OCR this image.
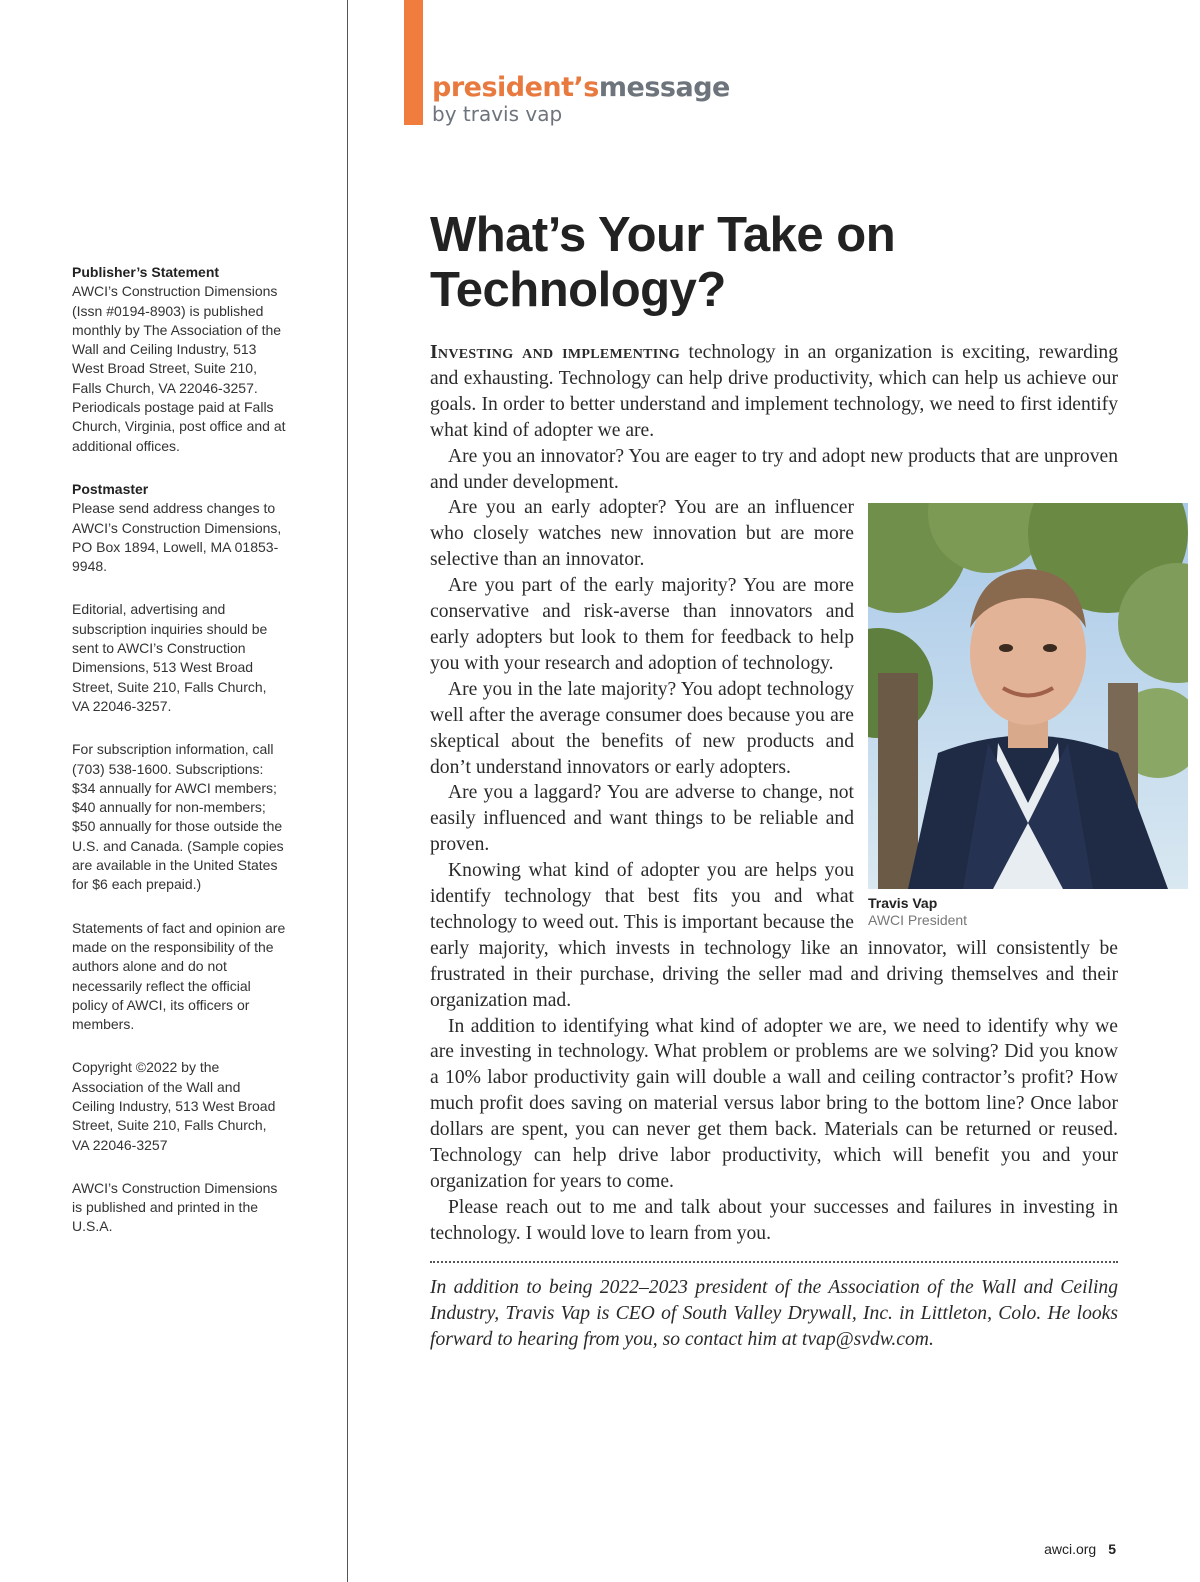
Publisher’s Statement

AWCI’s Construction Dimensions (Issn #0194-8903) is published monthly by The Association of the Wall and Ceiling Industry, 513 West Broad Street, Suite 210, Falls Church, VA 22046-3257. Periodicals postage paid at Falls Church, Virginia, post office and at additional offices.

Postmaster

Please send address changes to AWCI’s Construction Dimensions, PO Box 1894, Lowell, MA 01853-9948.

Editorial, advertising and subscription inquiries should be sent to AWCI’s Construction Dimensions, 513 West Broad Street, Suite 210, Falls Church, VA 22046-3257.

For subscription information, call (703) 538-1600. Subscriptions: $34 annually for AWCI members; $40 annually for non-members; $50 annually for those outside the U.S. and Canada. (Sample copies are available in the United States for $6 each prepaid.)

Statements of fact and opinion are made on the responsibility of the authors alone and do not necessarily reflect the official policy of AWCI, its officers or members.

Copyright ©2022 by the Association of the Wall and Ceiling Industry, 513 West Broad Street, Suite 210, Falls Church, VA 22046-3257

AWCI’s Construction Dimensions is published and printed in the U.S.A.

president’smessage
by travis vap
What’s Your Take on Technology?

Investing and implementing technology in an organization is exciting, rewarding and exhausting. Technology can help drive productivity, which can help us achieve our goals. In order to better understand and implement technology, we need to first identify what kind of adopter we are.

Are you an innovator? You are eager to try and adopt new products that are unproven and under development.

Travis Vap
AWCI President

Are you an early adopter? You are an influencer who closely watches new innovation but are more selective than an innovator.

Are you part of the early majority? You are more conservative and risk-averse than innovators and early adopters but look to them for feedback to help you with your research and adoption of technology.

Are you in the late majority? You adopt technology well after the average consumer does because you are skeptical about the benefits of new products and don’t understand innovators or early adopters.

Are you a laggard? You are adverse to change, not easily influenced and want things to be reliable and proven.

Knowing what kind of adopter you are helps you identify technology that best fits you and what technology to weed out. This is important because the early majority, which invests in technology like an innovator, will consistently be frustrated in their purchase, driving the seller mad and driving themselves and their organization mad.

In addition to identifying what kind of adopter we are, we need to identify why we are investing in technology. What problem or problems are we solving? Did you know a 10% labor productivity gain will double a wall and ceiling contractor’s profit? How much profit does saving on material versus labor bring to the bottom line? Once labor dollars are spent, you can never get them back. Materials can be returned or reused. Technology can help drive labor productivity, which will benefit you and your organization for years to come.

Please reach out to me and talk about your successes and failures in investing in technology. I would love to learn from you.

In addition to being 2022–2023 president of the Association of the Wall and Ceiling Industry, Travis Vap is CEO of South Valley Drywall, Inc. in Littleton, Colo. He looks forward to hearing from you, so contact him at tvap@svdw.com.

awci.org 5
